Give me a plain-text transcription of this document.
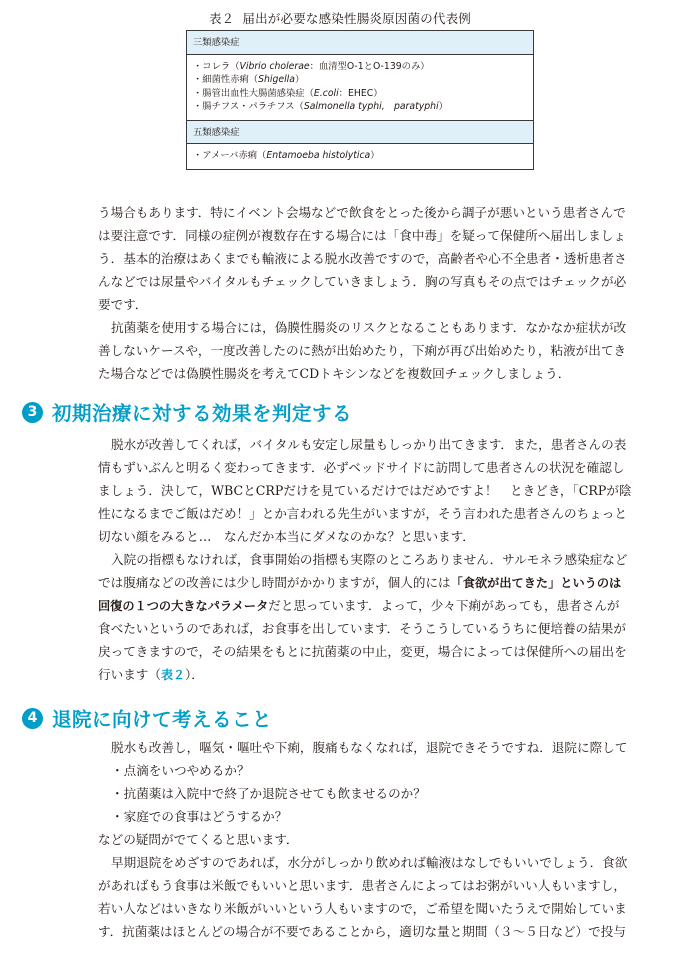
表２ 届出が必要な感染性腸炎原因菌の代表例
三類感染症
・コレラ（Vibrio cholerae：血清型O-1とO-139のみ）
・細菌性赤痢（Shigella）
・腸管出血性大腸菌感染症（E.coli：EHEC）
・腸チフス・パラチフス（Salmonella typhi,　paratyphi）
五類感染症
・アメーバ赤痢（Entamoeba histolytica）
う場合もあります．特にイベント会場などで飲食をとった後から調子が悪いという患者さんで
は要注意です．同様の症例が複数存在する場合には「食中毒」を疑って保健所へ届出しましょ
う．基本的治療はあくまでも輸液による脱水改善ですので，高齢者や心不全患者・透析患者さ
んなどでは尿量やバイタルもチェックしていきましょう．胸の写真もその点ではチェックが必
要です．
抗菌薬を使用する場合には，偽膜性腸炎のリスクとなることもあります．なかなか症状が改
善しないケースや，一度改善したのに熱が出始めたり，下痢が再び出始めたり，粘液が出てき
た場合などでは偽膜性腸炎を考えてCDトキシンなどを複数回チェックしましょう．
3 初期治療に対する効果を判定する
脱水が改善してくれば，バイタルも安定し尿量もしっかり出てきます．また，患者さんの表
情もずいぶんと明るく変わってきます．必ずベッドサイドに訪問して患者さんの状況を確認し
ましょう．決して，WBCとCRPだけを見ているだけではだめですよ！　ときどき，「CRPが陰
性になるまでご飯はだめ！」とか言われる先生がいますが，そう言われた患者さんのちょっと
切ない顔をみると…　なんだか本当にダメなのかな？と思います．
入院の指標もなければ，食事開始の指標も実際のところありません．サルモネラ感染症など
では腹痛などの改善には少し時間がかかりますが，個人的には「食欲が出てきた」というのは
回復の１つの大きなパラメータだと思っています．よって，少々下痢があっても，患者さんが
食べたいというのであれば，お食事を出しています．そうこうしているうちに便培養の結果が
戻ってきますので，その結果をもとに抗菌薬の中止，変更，場合によっては保健所への届出を
行います（表２）．
4 退院に向けて考えること
脱水も改善し，嘔気・嘔吐や下痢，腹痛もなくなれば，退院できそうですね．退院に際して
・点滴をいつやめるか？
・抗菌薬は入院中で終了か退院させても飲ませるのか？
・家庭での食事はどうするか？
などの疑問がでてくると思います．
早期退院をめざすのであれば，水分がしっかり飲めれば輸液はなしでもいいでしょう．食欲
があればもう食事は米飯でもいいと思います．患者さんによってはお粥がいい人もいますし，
若い人などはいきなり米飯がいいという人もいますので，ご希望を聞いたうえで開始していま
す．抗菌薬はほとんどの場合が不要であることから，適切な量と期間（３～５日など）で投与
